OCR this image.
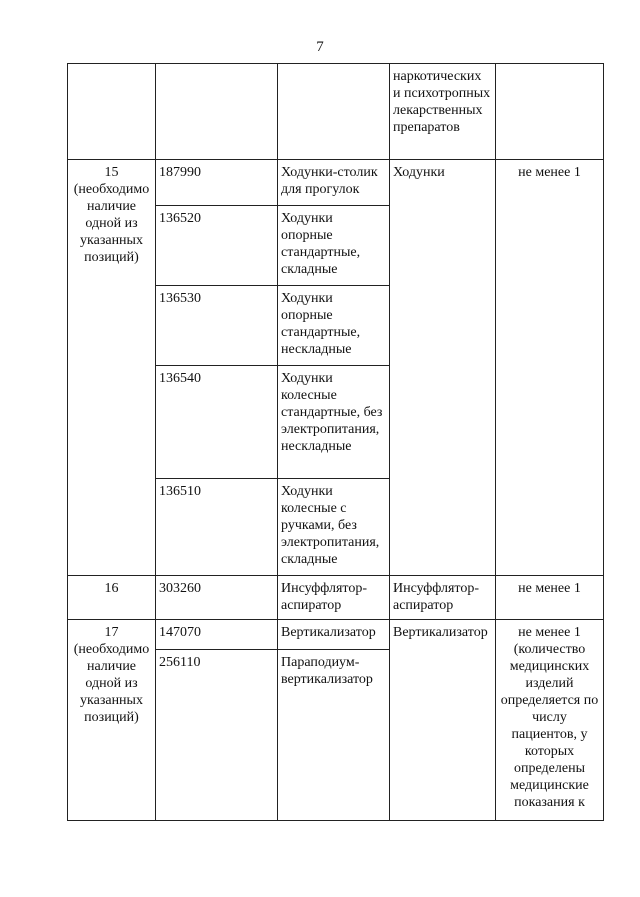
7

			наркотических и психотропных лекарственных препаратов	

15
(необходимо наличие одной из указанных позиций)	187990	Ходунки-столик для прогулок	Ходунки	не менее 1
	136520	Ходунки опорные стандартные, складные		
	136530	Ходунки опорные стандартные, нескладные		
	136540	Ходунки колесные стандартные, без электропитания, нескладные		
	136510	Ходунки колесные с ручками, без электропитания, складные		
16	303260	Инсуффлятор-аспиратор	Инсуффлятор-аспиратор	не менее 1

17
(необходимо наличие одной из указанных позиций)	147070	Вертикализатор	Вертикализатор	не менее 1 (количество медицинских изделий определяется по числу пациентов, у которых определены медицинские показания к
	256110	Параподиум-вертикализатор		
